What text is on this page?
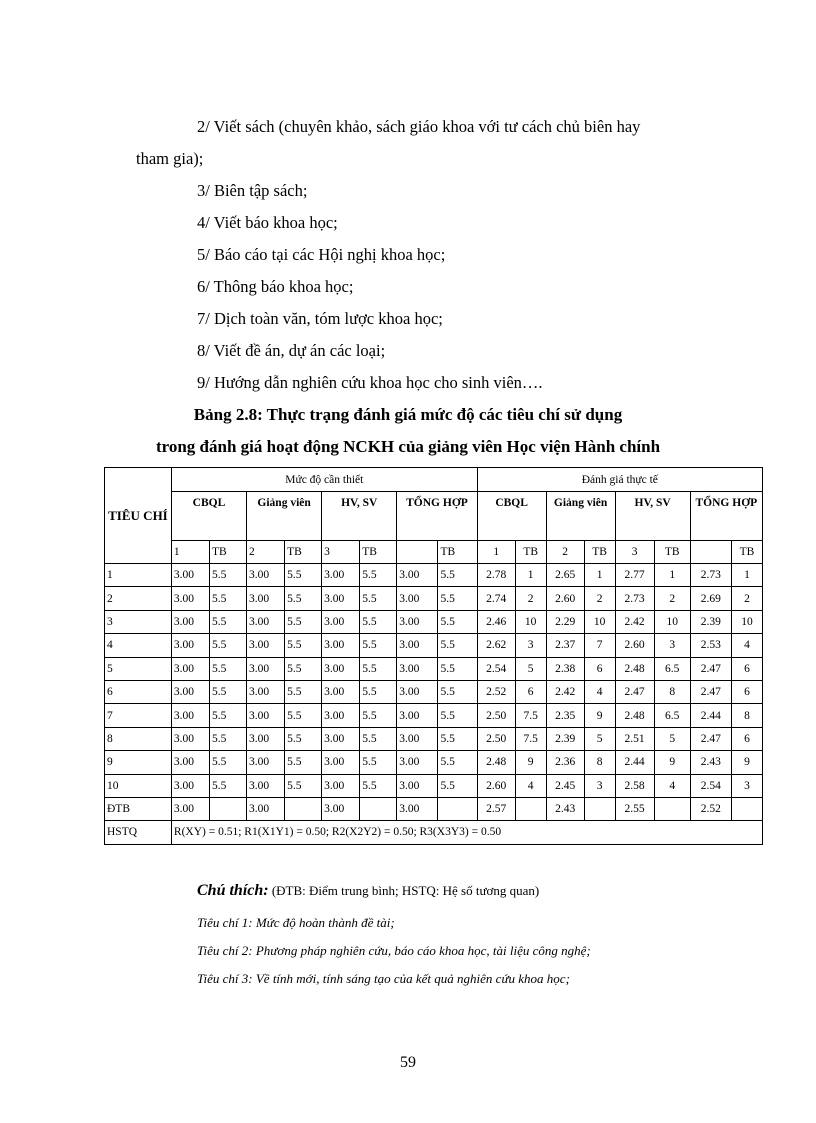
2/ Viết sách (chuyên khảo, sách giáo khoa với tư cách chủ biên hay
tham gia);
3/ Biên tập sách;
4/ Viết báo khoa học;
5/ Báo cáo tại các Hội nghị khoa học;
6/ Thông báo khoa học;
7/ Dịch toàn văn, tóm lược khoa học;
8/ Viết đề án, dự án các loại;
9/ Hướng dẫn nghiên cứu khoa học cho sinh viên….
Bảng 2.8: Thực trạng đánh giá mức độ các tiêu chí sử dụng
trong đánh giá hoạt động NCKH của giảng viên Học viện Hành chính
TIÊU CHÍ	Mức độ cần thiết								Đánh giá thực tế							
	CBQL		Giảng viên		HV, SV		TỔNG HỢP		CBQL		Giảng viên		HV, SV		TỔNG HỢP	
	1	TB	2	TB	3	TB		TB	1	TB	2	TB	3	TB		TB
1	3.00	5.5	3.00	5.5	3.00	5.5	3.00	5.5	2.78	1	2.65	1	2.77	1	2.73	1
2	3.00	5.5	3.00	5.5	3.00	5.5	3.00	5.5	2.74	2	2.60	2	2.73	2	2.69	2
3	3.00	5.5	3.00	5.5	3.00	5.5	3.00	5.5	2.46	10	2.29	10	2.42	10	2.39	10
4	3.00	5.5	3.00	5.5	3.00	5.5	3.00	5.5	2.62	3	2.37	7	2.60	3	2.53	4
5	3.00	5.5	3.00	5.5	3.00	5.5	3.00	5.5	2.54	5	2.38	6	2.48	6.5	2.47	6
6	3.00	5.5	3.00	5.5	3.00	5.5	3.00	5.5	2.52	6	2.42	4	2.47	8	2.47	6
7	3.00	5.5	3.00	5.5	3.00	5.5	3.00	5.5	2.50	7.5	2.35	9	2.48	6.5	2.44	8
8	3.00	5.5	3.00	5.5	3.00	5.5	3.00	5.5	2.50	7.5	2.39	5	2.51	5	2.47	6
9	3.00	5.5	3.00	5.5	3.00	5.5	3.00	5.5	2.48	9	2.36	8	2.44	9	2.43	9
10	3.00	5.5	3.00	5.5	3.00	5.5	3.00	5.5	2.60	4	2.45	3	2.58	4	2.54	3
ĐTB	3.00		3.00		3.00		3.00		2.57		2.43		2.55		2.52	
HSTQ	R(XY) = 0.51; R1(X1Y1) = 0.50; R2(X2Y2) = 0.50; R3(X3Y3) = 0.50															
Chú thích: (ĐTB: Điểm trung bình; HSTQ: Hệ số tương quan)
Tiêu chí 1: Mức độ hoàn thành đề tài;
Tiêu chí 2: Phương pháp nghiên cứu, báo cáo khoa học, tài liệu công nghệ;
Tiêu chí 3: Về tính mới, tính sáng tạo của kết quả nghiên cứu khoa học;
59
